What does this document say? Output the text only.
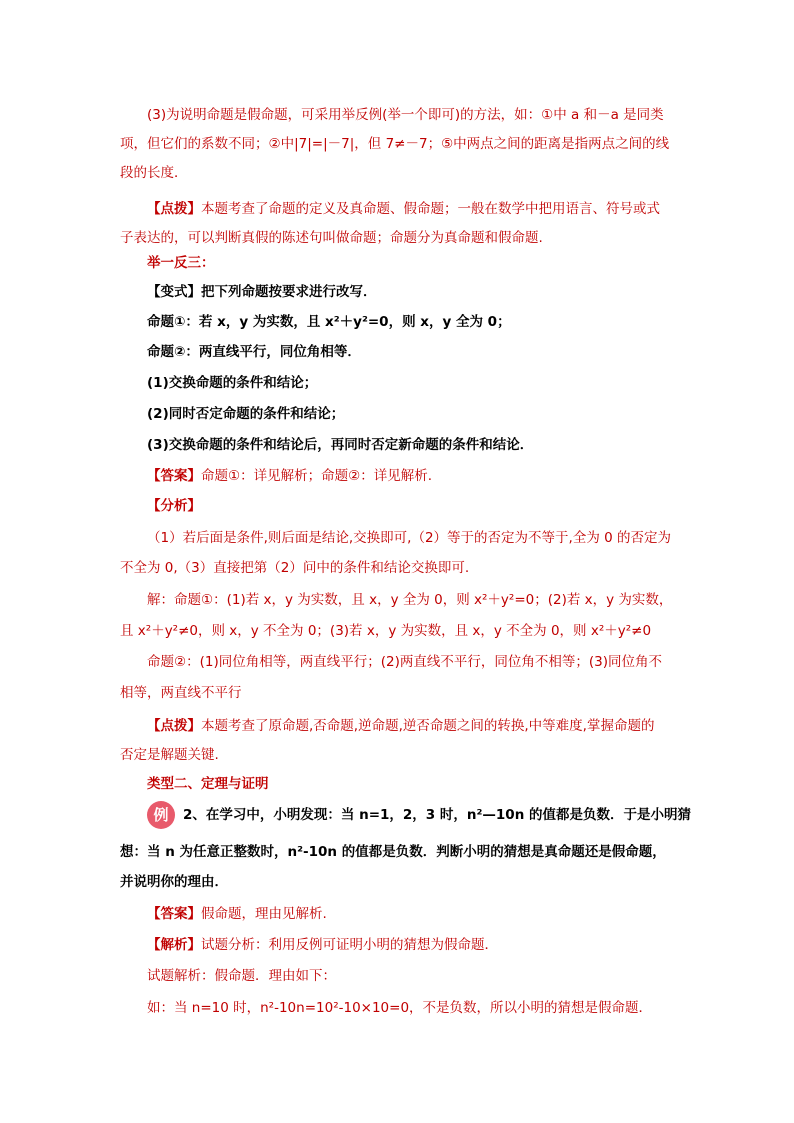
(3)为说明命题是假命题，可采用举反例(举一个即可)的方法，如：①中 a 和－a 是同类
项，但它们的系数不同；②中|7|=|－7|，但 7≠－7；⑤中两点之间的距离是指两点之间的线
段的长度．
【点拨】本题考查了命题的定义及真命题、假命题；一般在数学中把用语言、符号或式
子表达的，可以判断真假的陈述句叫做命题；命题分为真命题和假命题.
举一反三：
【变式】把下列命题按要求进行改写．
命题①：若 x，y 为实数，且 x²＋y²=0，则 x，y 全为 0；
命题②：两直线平行，同位角相等．
(1)交换命题的条件和结论；
(2)同时否定命题的条件和结论；
(3)交换命题的条件和结论后，再同时否定新命题的条件和结论．
【答案】命题①：详见解析；命题②：详见解析.
【分析】
（1）若后面是条件,则后面是结论,交换即可,（2）等于的否定为不等于,全为 0 的否定为
不全为 0,（3）直接把第（2）问中的条件和结论交换即可.
解：命题①：(1)若 x，y 为实数，且 x，y 全为 0，则 x²＋y²=0；(2)若 x，y 为实数，
且 x²＋y²≠0，则 x，y 不全为 0；(3)若 x，y 为实数，且 x，y 不全为 0，则 x²＋y²≠0
命题②：(1)同位角相等，两直线平行；(2)两直线不平行，同位角不相等；(3)同位角不
相等，两直线不平行
【点拨】本题考查了原命题,否命题,逆命题,逆否命题之间的转换,中等难度,掌握命题的
否定是解题关键.
类型二、定理与证明
例 2、在学习中，小明发现：当 n=1，2，3 时，n²—10n 的值都是负数．于是小明猜
想：当 n 为任意正整数时，n²-10n 的值都是负数．判断小明的猜想是真命题还是假命题，
并说明你的理由．
【答案】假命题，理由见解析.
【解析】试题分析：利用反例可证明小明的猜想为假命题．
试题解析：假命题．理由如下：
如：当 n=10 时，n²-10n=10²-10×10=0，不是负数，所以小明的猜想是假命题．
